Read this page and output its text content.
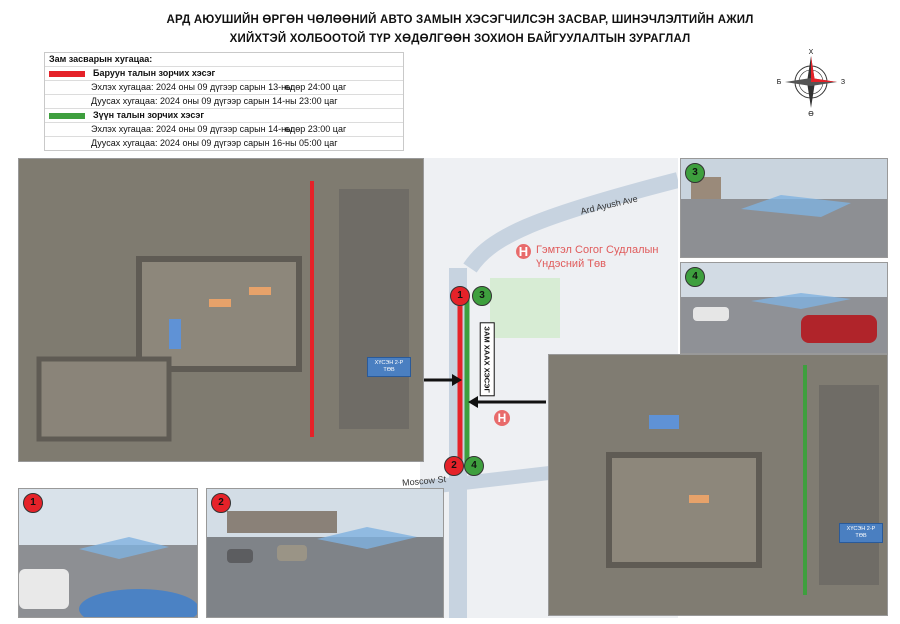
АРД АЮУШИЙН ӨРГӨН ЧӨЛӨӨНИЙ АВТО ЗАМЫН ХЭСЭГЧИЛСЭН ЗАСВАР, ШИНЭЧЛЭЛТИЙН АЖИЛ
ХИЙХТЭЙ ХОЛБООТОЙ ТҮР ХӨДӨЛГӨӨН ЗОХИОН БАЙГУУЛАЛТЫН ЗУРАГЛАЛ
Зам засварын хугацаа:
Баруун талын зорчих хэсэг
Эхлэх хугацаа: 2024 оны 09 дүгээр сарын 13-ны
өдөр 24:00 цаг
Дуусах хугацаа: 2024 оны 09 дүгээр сарын 14-ны 23:00 цаг
Зүүн талын зорчих хэсэг
Эхлэх хугацаа: 2024 оны 09 дүгээр сарын 14-ны
өдөр 23:00 цаг
Дуусах хугацаа: 2024 оны 09 дүгээр сарын 16-ны 05:00 цаг
Х
Ө
Б	З
Ard Ayush Ave
Moscow St
H Гэмтэл Согог Судлалын
Үндэсний Төв
H
ЗАМ ХААХ ХЭСЭГ
1	3
2	4
ХҮСЭН 2-Р ТӨВ
ХҮСЭН 2-Р ТӨВ
3
4
1	2
